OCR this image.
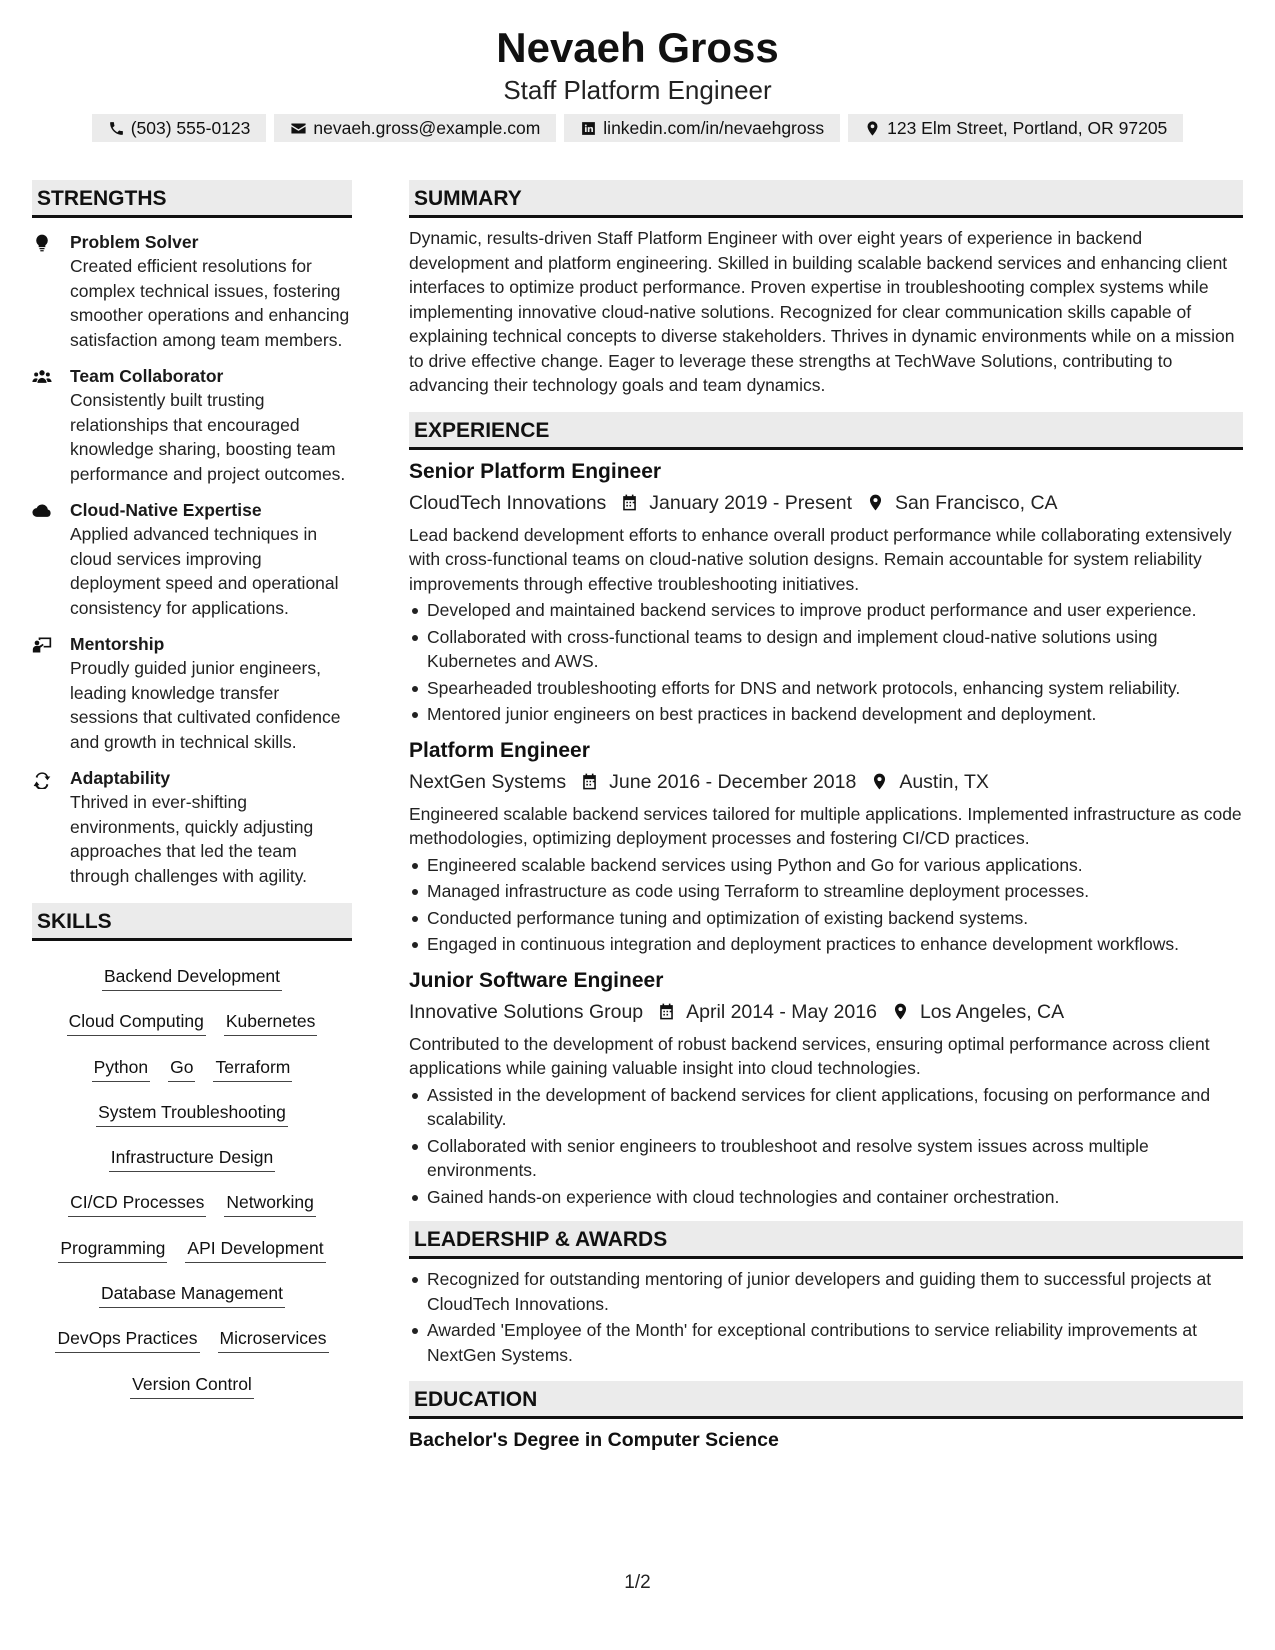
Nevaeh Gross
Staff Platform Engineer
(503) 555-0123	nevaeh.gross@example.com	linkedin.com/in/nevaehgross	123 Elm Street, Portland, OR 97205
STRENGTHS
Problem Solver
Created efficient resolutions for complex technical issues, fostering smoother operations and enhancing satisfaction among team members.
Team Collaborator
Consistently built trusting relationships that encouraged knowledge sharing, boosting team performance and project outcomes.
Cloud-Native Expertise
Applied advanced techniques in cloud services improving deployment speed and operational consistency for applications.
Mentorship
Proudly guided junior engineers, leading knowledge transfer sessions that cultivated confidence and growth in technical skills.
Adaptability
Thrived in ever-shifting environments, quickly adjusting approaches that led the team through challenges with agility.
SKILLS
Backend Development
Cloud Computing Kubernetes
Python Go Terraform
System Troubleshooting
Infrastructure Design
CI/CD Processes Networking
Programming API Development
Database Management
DevOps Practices Microservices
Version Control
SUMMARY
Dynamic, results-driven Staff Platform Engineer with over eight years of experience in backend development and platform engineering. Skilled in building scalable backend services and enhancing client interfaces to optimize product performance. Proven expertise in troubleshooting complex systems while implementing innovative cloud-native solutions. Recognized for clear communication skills capable of explaining technical concepts to diverse stakeholders. Thrives in dynamic environments while on a mission to drive effective change. Eager to leverage these strengths at TechWave Solutions, contributing to advancing their technology goals and team dynamics.
EXPERIENCE
Senior Platform Engineer
CloudTech Innovations January 2019 - Present San Francisco, CA
Lead backend development efforts to enhance overall product performance while collaborating extensively with cross-functional teams on cloud-native solution designs. Remain accountable for system reliability improvements through effective troubleshooting initiatives.
Developed and maintained backend services to improve product performance and user experience.
Collaborated with cross-functional teams to design and implement cloud-native solutions using Kubernetes and AWS.
Spearheaded troubleshooting efforts for DNS and network protocols, enhancing system reliability.
Mentored junior engineers on best practices in backend development and deployment.
Platform Engineer
NextGen Systems June 2016 - December 2018 Austin, TX
Engineered scalable backend services tailored for multiple applications. Implemented infrastructure as code methodologies, optimizing deployment processes and fostering CI/CD practices.
Engineered scalable backend services using Python and Go for various applications.
Managed infrastructure as code using Terraform to streamline deployment processes.
Conducted performance tuning and optimization of existing backend systems.
Engaged in continuous integration and deployment practices to enhance development workflows.
Junior Software Engineer
Innovative Solutions Group April 2014 - May 2016 Los Angeles, CA
Contributed to the development of robust backend services, ensuring optimal performance across client applications while gaining valuable insight into cloud technologies.
Assisted in the development of backend services for client applications, focusing on performance and scalability.
Collaborated with senior engineers to troubleshoot and resolve system issues across multiple environments.
Gained hands-on experience with cloud technologies and container orchestration.
LEADERSHIP & AWARDS
Recognized for outstanding mentoring of junior developers and guiding them to successful projects at CloudTech Innovations.
Awarded 'Employee of the Month' for exceptional contributions to service reliability improvements at NextGen Systems.
EDUCATION
Bachelor's Degree in Computer Science
1/2
